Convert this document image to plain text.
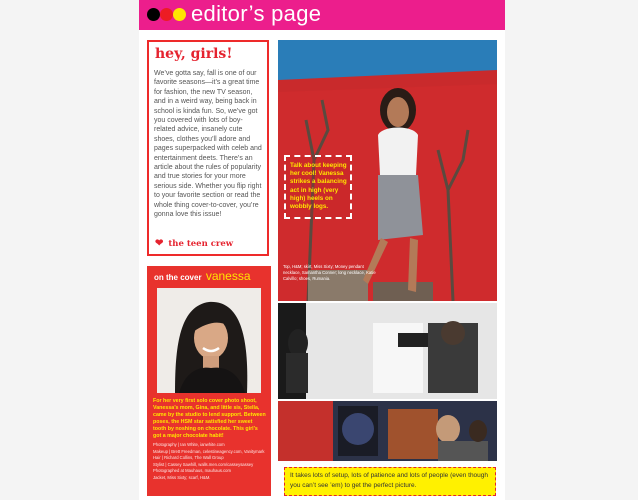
editor’s page
hey, girls!
We’ve gotta say, fall is one of our favorite seasons—it’s a great time for fashion, the new TV season, and in a weird way, being back in school is kinda fun. So, we’ve got you covered with lots of boy-related advice, insanely cute shoes, clothes you’ll adore and pages superpacked with celeb and entertainment deets. There’s an article about the rules of popularity and true stories for your more serious side. Whether you flip right to your favorite section or read the whole thing cover-to-cover, you’re gonna love this issue!
❤ the teen crew
on the cover vanessa
For her very first solo cover photo shoot, Vanessa’s mom, Gina, and little sis, Stella, came by the studio to lend support. Between poses, the HSM star satisfied her sweet tooth by noshing on chocolate. This girl’s got a major chocolate habit!
Photography | Ian White, ianwhite.com
Makeup | Brett Freedman, celestineagency.com, Vanitymark
Hair | Richard Collins, The Wall Group
Stylist | Cassey Sawhill, walls.men.com/casseysassey
Photographed at Mauhaus, mauhaus.com
Jacket, Miss Sixty; scarf, H&M.
Top, H&M; skirt, Miss Sixty; Money pendant necklace, Samantha Conner; long necklace, Katie Calvillo; shoes, Rumania.
Talk about keeping her cool! Vanessa strikes a balancing act in high (very high) heels on wobbly logs.
It takes lots of setup, lots of patience and lots of people (even though you can’t see ’em) to get the perfect picture.
